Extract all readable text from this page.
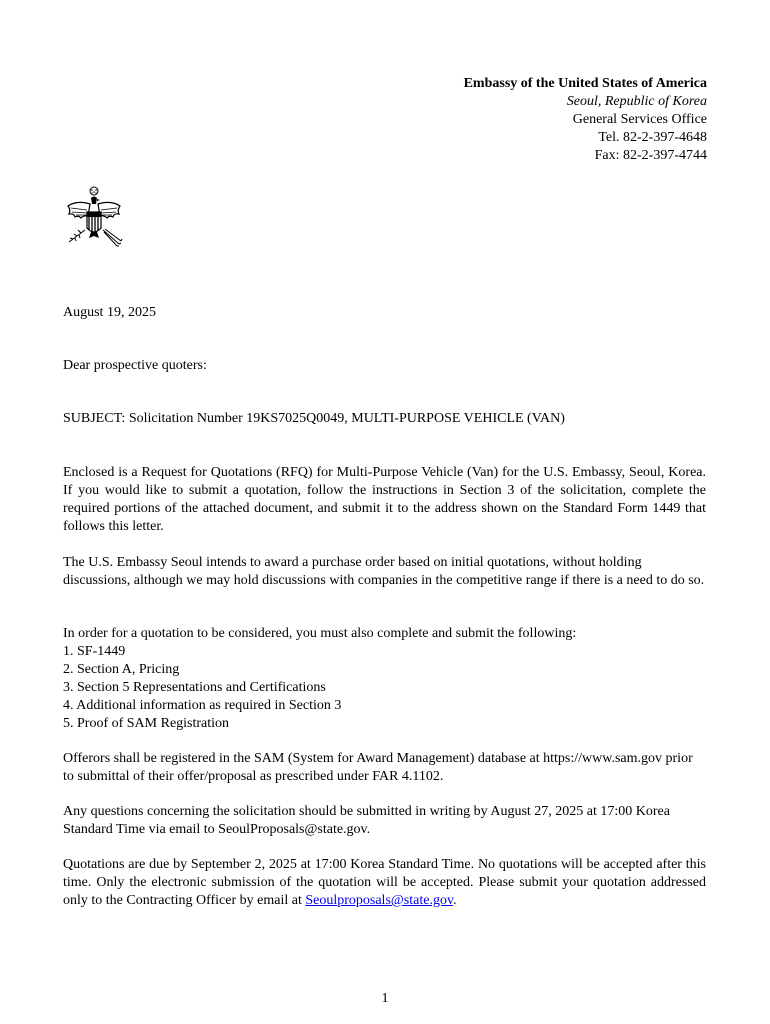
Embassy of the United States of America
Seoul, Republic of Korea
General Services Office
Tel. 82-2-397-4648
Fax: 82-2-397-4744
August 19, 2025
Dear prospective quoters:
SUBJECT: Solicitation Number 19KS7025Q0049, MULTI-PURPOSE VEHICLE (VAN)
Enclosed is a Request for Quotations (RFQ) for Multi-Purpose Vehicle (Van) for the U.S. Embassy, Seoul, Korea. If you would like to submit a quotation, follow the instructions in Section 3 of the solicitation, complete the required portions of the attached document, and submit it to the address shown on the Standard Form 1449 that follows this letter.
The U.S. Embassy Seoul intends to award a purchase order based on initial quotations, without holding discussions, although we may hold discussions with companies in the competitive range if there is a need to do so.
In order for a quotation to be considered, you must also complete and submit the following:
1. SF-1449
2. Section A, Pricing
3. Section 5 Representations and Certifications
4. Additional information as required in Section 3
5. Proof of SAM Registration
Offerors shall be registered in the SAM (System for Award Management) database at https://www.sam.gov prior to submittal of their offer/proposal as prescribed under FAR 4.1102.
Any questions concerning the solicitation should be submitted in writing by August 27, 2025 at 17:00 Korea Standard Time via email to SeoulProposals@state.gov.
Quotations are due by September 2, 2025 at 17:00 Korea Standard Time. No quotations will be accepted after this time. Only the electronic submission of the quotation will be accepted. Please submit your quotation addressed only to the Contracting Officer by email at Seoulproposals@state.gov.
1
